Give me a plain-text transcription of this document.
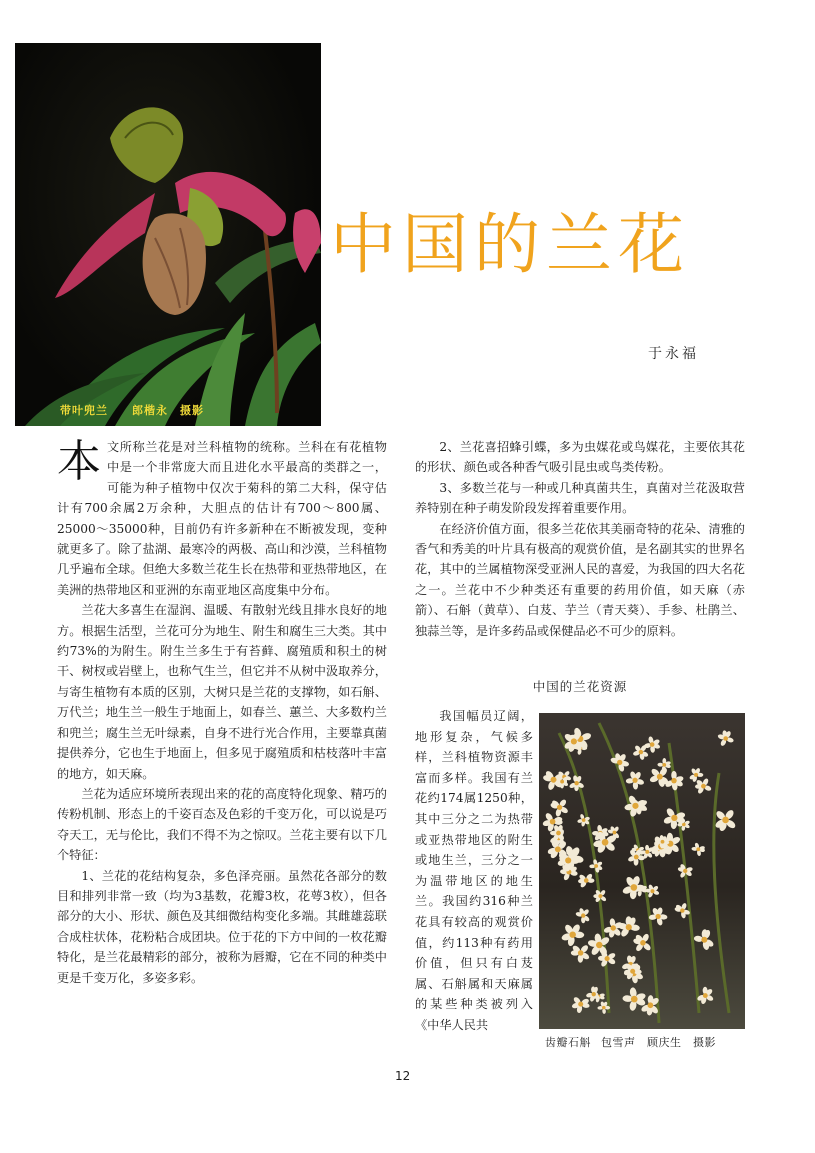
带叶兜兰　　郎楷永　摄影
中国的兰花
于永福

本文所称兰花是对兰科植物的统称。兰科在有花植物中是一个非常庞大而且进化水平最高的类群之一，可能为种子植物中仅次于菊科的第二大科，保守估计有700余属2万余种，大胆点的估计有700～800属、25000～35000种，目前仍有许多新种在不断被发现，变种就更多了。除了盐湖、最寒冷的两极、高山和沙漠，兰科植物几乎遍布全球。但绝大多数兰花生长在热带和亚热带地区，在美洲的热带地区和亚洲的东南亚地区高度集中分布。

兰花大多喜生在湿润、温暖、有散射光线且排水良好的地方。根据生活型，兰花可分为地生、附生和腐生三大类。其中约73%的为附生。附生兰多生于有苔藓、腐殖质和积土的树干、树杈或岩壁上，也称气生兰，但它并不从树中汲取养分，与寄生植物有本质的区别，大树只是兰花的支撑物，如石斛、万代兰；地生兰一般生于地面上，如春兰、蕙兰、大多数杓兰和兜兰；腐生兰无叶绿素，自身不进行光合作用，主要靠真菌提供养分，它也生于地面上，但多见于腐殖质和枯枝落叶丰富的地方，如天麻。

兰花为适应环境所表现出来的花的高度特化现象、精巧的传粉机制、形态上的千姿百态及色彩的千变万化，可以说是巧夺天工，无与伦比，我们不得不为之惊叹。兰花主要有以下几个特征：

1、兰花的花结构复杂，多色泽亮丽。虽然花各部分的数目和排列非常一致（均为3基数，花瓣3枚，花萼3枚），但各部分的大小、形状、颜色及其细微结构变化多端。其雌雄蕊联合成柱状体，花粉粘合成团块。位于花的下方中间的一枚花瓣特化，是兰花最精彩的部分，被称为唇瓣，它在不同的种类中更是千变万化，多姿多彩。

2、兰花喜招蜂引蝶，多为虫媒花或鸟媒花，主要依其花的形状、颜色或各种香气吸引昆虫或鸟类传粉。

3、多数兰花与一种或几种真菌共生，真菌对兰花汲取营养特别在种子萌发阶段发挥着重要作用。

在经济价值方面，很多兰花依其美丽奇特的花朵、清雅的香气和秀美的叶片具有极高的观赏价值，是名副其实的世界名花，其中的兰属植物深受亚洲人民的喜爱，为我国的四大名花之一。兰花中不少种类还有重要的药用价值，如天麻（赤箭）、石斛（黄草）、白芨、芋兰（青天葵）、手参、杜鹃兰、独蒜兰等，是许多药品或保健品必不可少的原料。

中国的兰花资源

我国幅员辽阔，地形复杂，气候多样，兰科植物资源丰富而多样。我国有兰花约174属1250种，其中三分之二为热带或亚热带地区的附生或地生兰，三分之一为温带地区的地生兰。我国约316种兰花具有较高的观赏价值，约113种有药用价值，但只有白芨属、石斛属和天麻属的某些种类被列入《中华人民共

齿瓣石斛 包雪声　顾庆生　摄影
12
